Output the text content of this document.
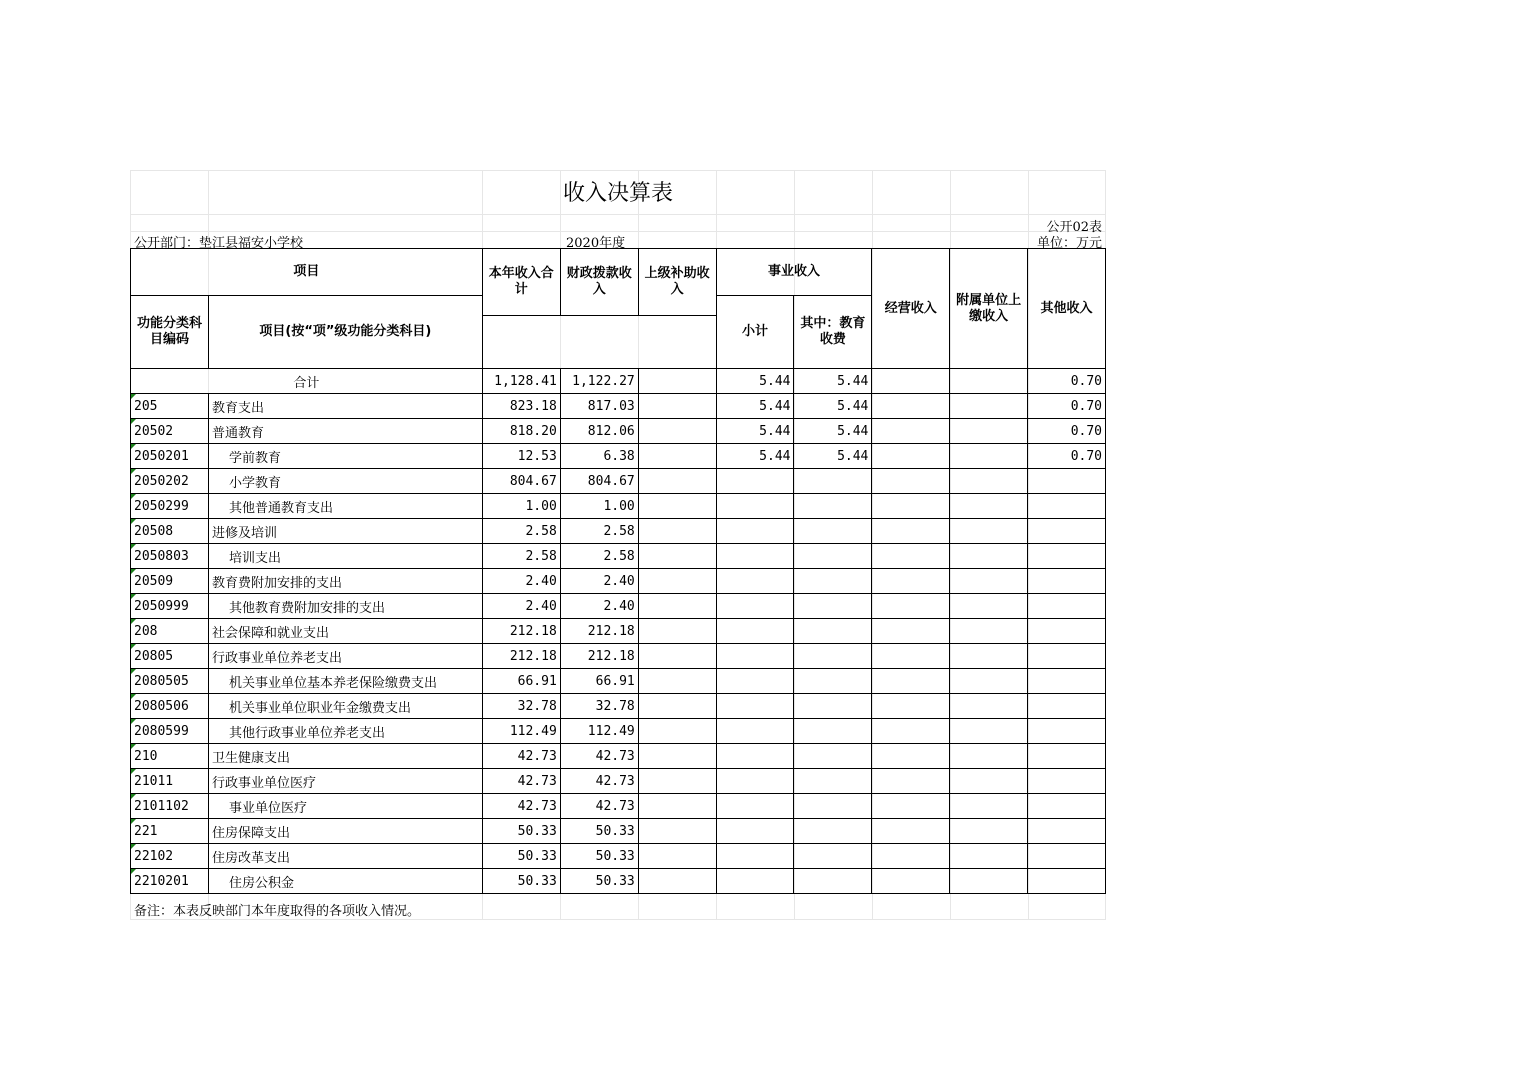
收入决算表
公开02表
公开部门：垫江县福安小学校	2020年度	单位：万元
项目		本年收入合计	财政拨款收入	上级补助收入	事业收入		经营收入	附属单位上缴收入	其他收入
功能分类科目编码	项目(按“项”级功能分类科目)				小计	其中：教育收费			

合计		1,128.41	1,122.27		5.44	5.44			0.70
205	教育支出	823.18	817.03		5.44	5.44			0.70
20502	普通教育	818.20	812.06		5.44	5.44			0.70
2050201	学前教育	12.53	6.38		5.44	5.44			0.70
2050202	小学教育	804.67	804.67						
2050299	其他普通教育支出	1.00	1.00						
20508	进修及培训	2.58	2.58						
2050803	培训支出	2.58	2.58						
20509	教育费附加安排的支出	2.40	2.40						
2050999	其他教育费附加安排的支出	2.40	2.40						
208	社会保障和就业支出	212.18	212.18						
20805	行政事业单位养老支出	212.18	212.18						
2080505	机关事业单位基本养老保险缴费支出	66.91	66.91						
2080506	机关事业单位职业年金缴费支出	32.78	32.78						
2080599	其他行政事业单位养老支出	112.49	112.49						
210	卫生健康支出	42.73	42.73						
21011	行政事业单位医疗	42.73	42.73						
2101102	事业单位医疗	42.73	42.73						
221	住房保障支出	50.33	50.33						
22102	住房改革支出	50.33	50.33						
2210201	住房公积金	50.33	50.33						
备注：本表反映部门本年度取得的各项收入情况。
